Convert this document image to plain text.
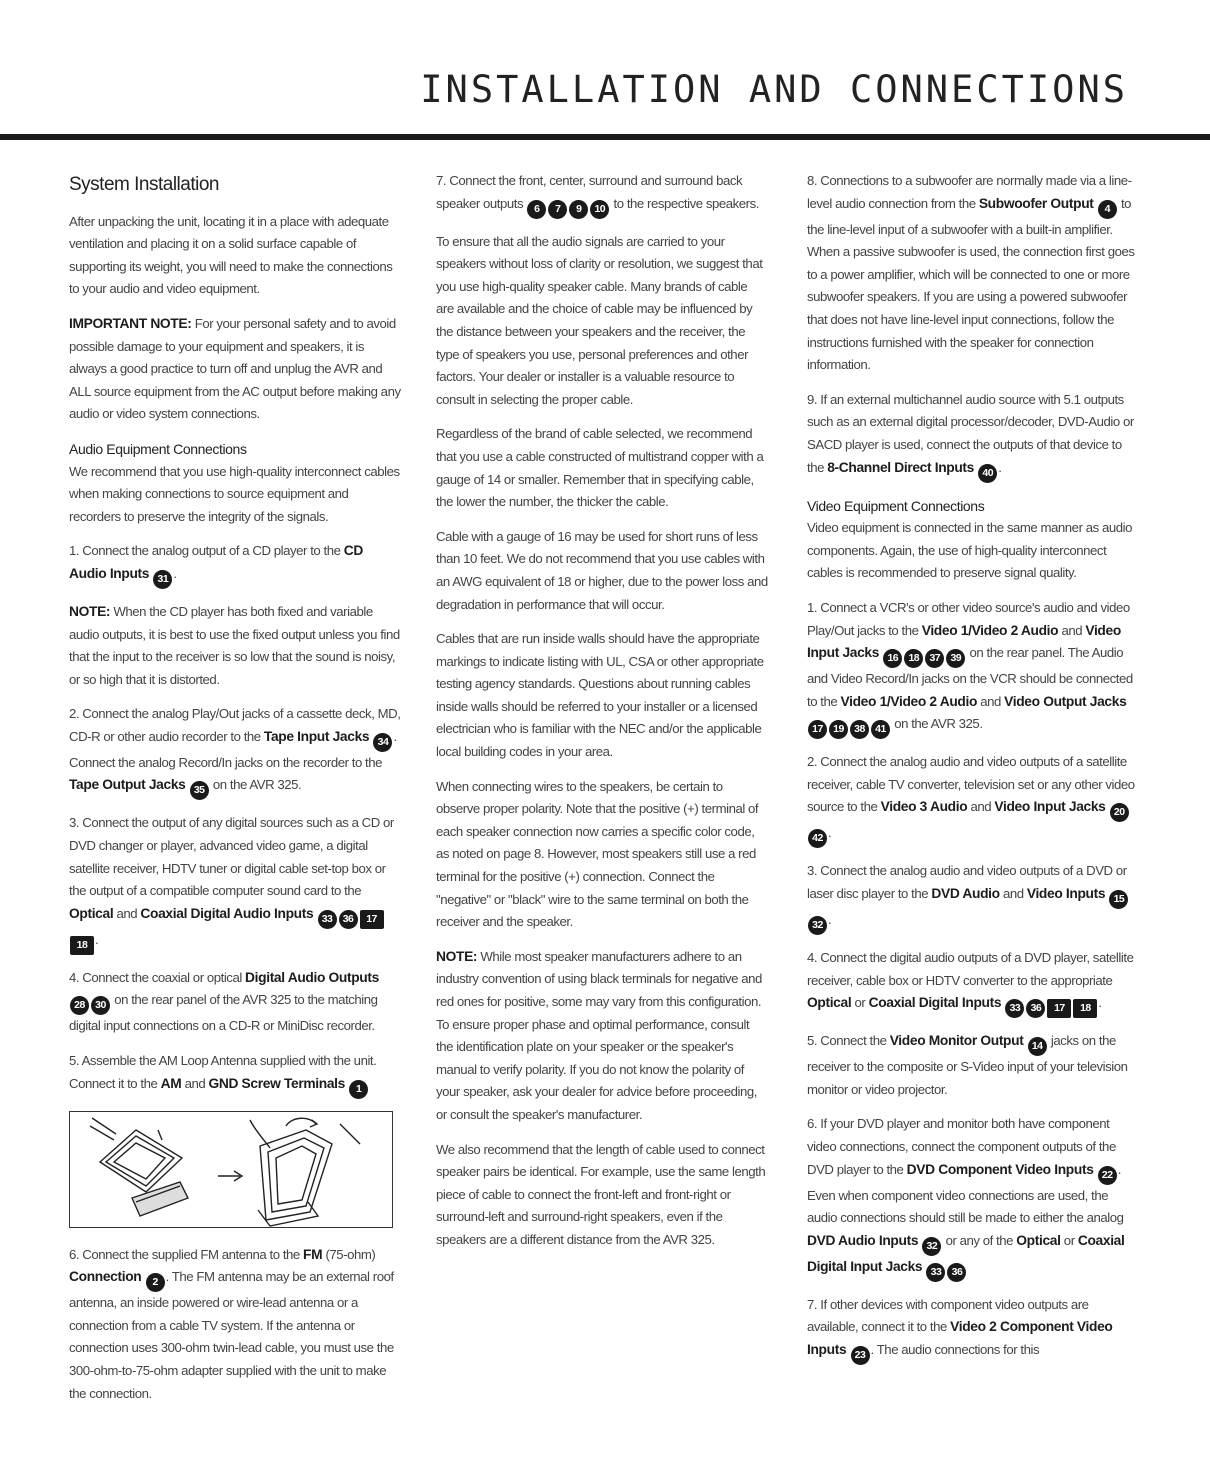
INSTALLATION AND CONNECTIONS
System Installation

After unpacking the unit, locating it in a place with adequate ventilation and placing it on a solid surface capable of supporting its weight, you will need to make the connections to your audio and video equipment.

IMPORTANT NOTE: For your personal safety and to avoid possible damage to your equipment and speakers, it is always a good practice to turn off and unplug the AVR and ALL source equipment from the AC output before making any audio or video system connections.

Audio Equipment Connections

We recommend that you use high-quality interconnect cables when making connections to source equipment and recorders to preserve the integrity of the signals.

1. Connect the analog output of a CD player to the CD Audio Inputs 31 .

NOTE: When the CD player has both fixed and variable audio outputs, it is best to use the fixed output unless you find that the input to the receiver is so low that the sound is noisy, or so high that it is distorted.

2. Connect the analog Play/Out jacks of a cassette deck, MD, CD-R or other audio recorder to the Tape Input Jacks 34 . Connect the analog Record/In jacks on the recorder to the Tape Output Jacks 35 on the AVR 325.

3. Connect the output of any digital sources such as a CD or DVD changer or player, advanced video game, a digital satellite receiver, HDTV tuner or digital cable set-top box or the output of a compatible computer sound card to the Optical and Coaxial Digital Audio Inputs 33 36 1718 .

4. Connect the coaxial or optical Digital Audio Outputs 28 30 on the rear panel of the AVR 325 to the matching digital input connections on a CD-R or MiniDisc recorder.

5. Assemble the AM Loop Antenna supplied with the unit. Connect it to the AM and GND Screw Terminals 1

6. Connect the supplied FM antenna to the FM (75-ohm) Connection 2 . The FM antenna may be an external roof antenna, an inside powered or wire-lead antenna or a connection from a cable TV system. If the antenna or connection uses 300-ohm twin-lead cable, you must use the 300-ohm-to-75-ohm adapter supplied with the unit to make the connection.

7. Connect the front, center, surround and surround back speaker outputs 6 7 9 10 to the respective speakers.

To ensure that all the audio signals are carried to your speakers without loss of clarity or resolution, we suggest that you use high-quality speaker cable. Many brands of cable are available and the choice of cable may be influenced by the distance between your speakers and the receiver, the type of speakers you use, personal preferences and other factors. Your dealer or installer is a valuable resource to consult in selecting the proper cable.

Regardless of the brand of cable selected, we recommend that you use a cable constructed of multistrand copper with a gauge of 14 or smaller. Remember that in specifying cable, the lower the number, the thicker the cable.

Cable with a gauge of 16 may be used for short runs of less than 10 feet. We do not recommend that you use cables with an AWG equivalent of 18 or higher, due to the power loss and degradation in performance that will occur.

Cables that are run inside walls should have the appropriate markings to indicate listing with UL, CSA or other appropriate testing agency standards. Questions about running cables inside walls should be referred to your installer or a licensed electrician who is familiar with the NEC and/or the applicable local building codes in your area.

When connecting wires to the speakers, be certain to observe proper polarity. Note that the positive (+) terminal of each speaker connection now carries a specific color code, as noted on page 8. However, most speakers still use a red terminal for the positive (+) connection. Connect the "negative" or "black" wire to the same terminal on both the receiver and the speaker.

NOTE: While most speaker manufacturers adhere to an industry convention of using black terminals for negative and red ones for positive, some may vary from this configuration. To ensure proper phase and optimal performance, consult the identification plate on your speaker or the speaker's manual to verify polarity. If you do not know the polarity of your speaker, ask your dealer for advice before proceeding, or consult the speaker's manufacturer.

We also recommend that the length of cable used to connect speaker pairs be identical. For example, use the same length piece of cable to connect the front-left and front-right or surround-left and surround-right speakers, even if the speakers are a different distance from the AVR 325.

8. Connections to a subwoofer are normally made via a line-level audio connection from the Subwoofer Output 4 to the line-level input of a subwoofer with a built-in amplifier. When a passive subwoofer is used, the connection first goes to a power amplifier, which will be connected to one or more subwoofer speakers. If you are using a powered subwoofer that does not have line-level input connections, follow the instructions furnished with the speaker for connection information.

9. If an external multichannel audio source with 5.1 outputs such as an external digital processor/decoder, DVD-Audio or SACD player is used, connect the outputs of that device to the 8-Channel Direct Inputs 40 .

Video Equipment Connections

Video equipment is connected in the same manner as audio components. Again, the use of high-quality interconnect cables is recommended to preserve signal quality.

1. Connect a VCR's or other video source's audio and video Play/Out jacks to the Video 1/Video 2 Audio and Video Input Jacks 16 18 37 39 on the rear panel. The Audio and Video Record/In jacks on the VCR should be connected to the Video 1/Video 2 Audio and Video Output Jacks 17 19 38 41 on the AVR 325.

2. Connect the analog audio and video outputs of a satellite receiver, cable TV converter, television set or any other video source to the Video 3 Audio and Video Input Jacks 2042 .

3. Connect the analog audio and video outputs of a DVD or laser disc player to the DVD Audio and Video Inputs 1532 .

4. Connect the digital audio outputs of a DVD player, satellite receiver, cable box or HDTV converter to the appropriate Optical or Coaxial Digital Inputs 33 36 17 18 .

5. Connect the Video Monitor Output 14 jacks on the receiver to the composite or S-Video input of your television monitor or video projector.

6. If your DVD player and monitor both have component video connections, connect the component outputs of the DVD player to the DVD Component Video Inputs 22 . Even when component video connections are used, the audio connections should still be made to either the analog DVD Audio Inputs 32 or any of the Optical or Coaxial Digital Input Jacks 33 36

7. If other devices with component video outputs are available, connect it to the Video 2 Component Video Inputs 23 . The audio connections for this
